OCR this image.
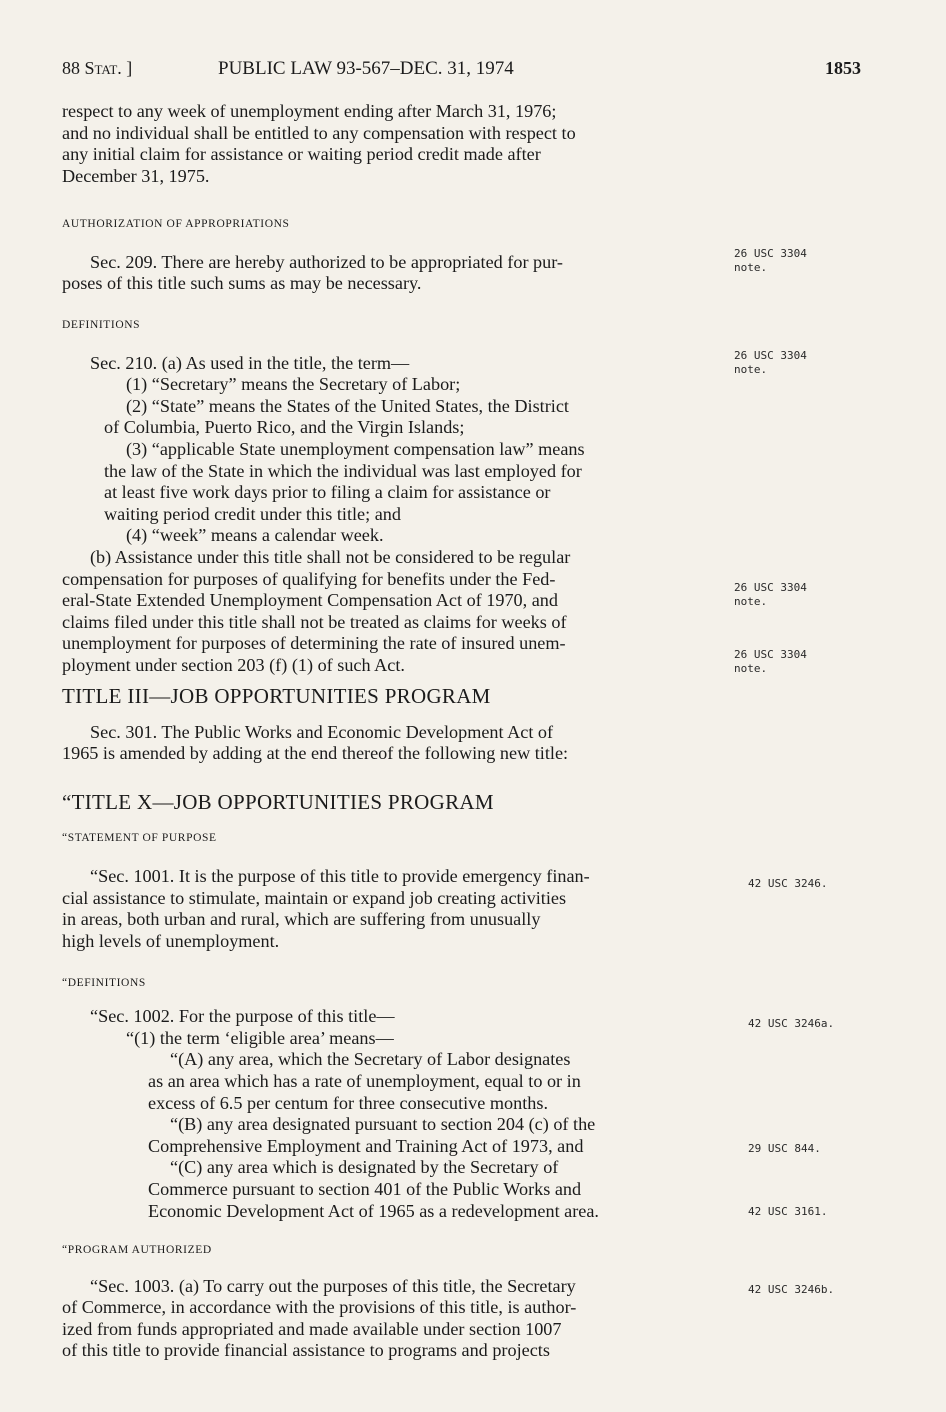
88 Stat. ]	PUBLIC LAW 93-567–DEC. 31, 1974	1853

respect to any week of unemployment ending after March 31, 1976;

and no individual shall be entitled to any compensation with respect to

any initial claim for assistance or waiting period credit made after

December 31, 1975.

AUTHORIZATION OF APPROPRIATIONS

Sec. 209. There are hereby authorized to be appropriated for pur-

poses of this title such sums as may be necessary.

26 USC 3304
note.

DEFINITIONS

Sec. 210. (a) As used in the title, the term—

(1) “Secretary” means the Secretary of Labor;

(2) “State” means the States of the United States, the District

of Columbia, Puerto Rico, and the Virgin Islands;

(3) “applicable State unemployment compensation law” means

the law of the State in which the individual was last employed for

at least five work days prior to filing a claim for assistance or

waiting period credit under this title; and

(4) “week” means a calendar week.

(b) Assistance under this title shall not be considered to be regular

compensation for purposes of qualifying for benefits under the Fed-

eral-State Extended Unemployment Compensation Act of 1970, and

claims filed under this title shall not be treated as claims for weeks of

unemployment for purposes of determining the rate of insured unem-

ployment under section 203 (f) (1) of such Act.

26 USC 3304
note.
26 USC 3304
note.
26 USC 3304
note.

TITLE III—JOB OPPORTUNITIES PROGRAM

Sec. 301. The Public Works and Economic Development Act of

1965 is amended by adding at the end thereof the following new title:

“TITLE X—JOB OPPORTUNITIES PROGRAM

“STATEMENT OF PURPOSE

“Sec. 1001. It is the purpose of this title to provide emergency finan-

cial assistance to stimulate, maintain or expand job creating activities

in areas, both urban and rural, which are suffering from unusually

high levels of unemployment.

“DEFINITIONS

“Sec. 1002. For the purpose of this title—

“(1) the term ‘eligible area’ means—

“(A) any area, which the Secretary of Labor designates

as an area which has a rate of unemployment, equal to or in

excess of 6.5 per centum for three consecutive months.

“(B) any area designated pursuant to section 204 (c) of the

Comprehensive Employment and Training Act of 1973, and

“(C) any area which is designated by the Secretary of

Commerce pursuant to section 401 of the Public Works and

Economic Development Act of 1965 as a redevelopment area.

“PROGRAM AUTHORIZED

“Sec. 1003. (a) To carry out the purposes of this title, the Secretary

of Commerce, in accordance with the provisions of this title, is author-

ized from funds appropriated and made available under section 1007

of this title to provide financial assistance to programs and projects

42 USC 3246.
42 USC 3246a.
29 USC 844.
42 USC 3161.
42 USC 3246b.
